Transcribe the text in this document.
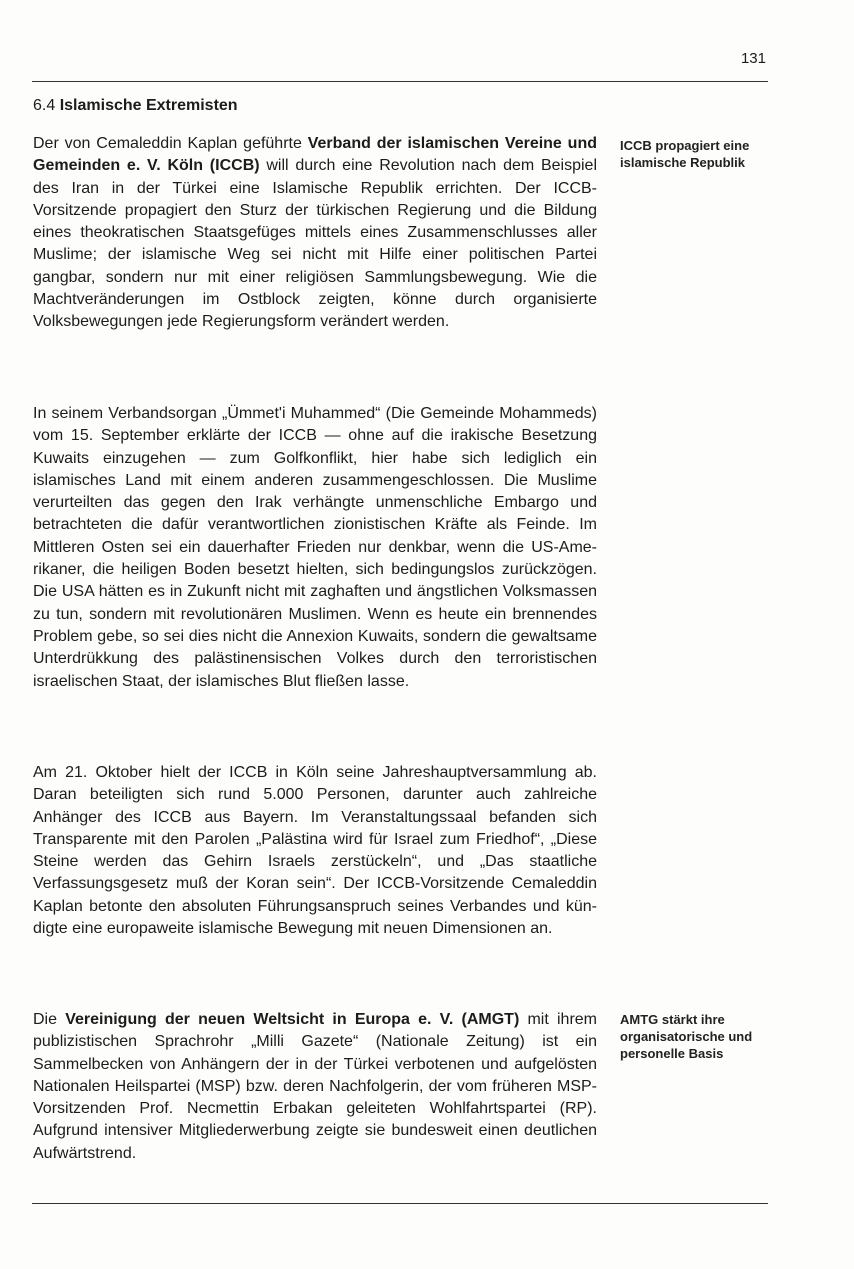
131
6.4 Islamische Extremisten

Der von Cemaleddin Kaplan geführte Verband der islamischen Vereine und Gemeinden e. V. Köln (ICCB) will durch eine Revolution nach dem Beispiel des Iran in der Türkei eine Islamische Republik errichten. Der ICCB-Vorsitzende propagiert den Sturz der türkischen Regierung und die Bildung eines theokratischen Staatsgefüges mittels eines Zusammenschlusses aller Muslime; der islamische Weg sei nicht mit Hilfe einer politischen Partei gangbar, sondern nur mit einer religiösen Sammlungsbewegung. Wie die Machtveränderungen im Ostblock zeigten, könne durch organisierte Volksbewegungen jede Regierungsform verändert werden.

In seinem Verbandsorgan „Ümmet'i Muhammed“ (Die Gemeinde Mohammeds) vom 15. September erklärte der ICCB — ohne auf die irakische Besetzung Kuwaits einzugehen — zum Golfkonflikt, hier habe sich lediglich ein islamisches Land mit einem anderen zusammengeschlossen. Die Muslime verurteilten das gegen den Irak verhängte unmenschliche Embargo und betrachteten die dafür verantwortlichen zionistischen Kräfte als Feinde. Im Mittleren Osten sei ein dauerhafter Frieden nur denkbar, wenn die US-Amerikaner, die heiligen Boden besetzt hielten, sich bedingungslos zurückzögen. Die USA hätten es in Zukunft nicht mit zaghaften und ängstlichen Volksmassen zu tun, sondern mit revolutionären Muslimen. Wenn es heute ein brennendes Problem gebe, so sei dies nicht die Annexion Kuwaits, sondern die gewaltsame Unterdrükkung des palästinensischen Volkes durch den terroristischen israelischen Staat, der islamisches Blut fließen lasse.

Am 21. Oktober hielt der ICCB in Köln seine Jahreshauptversammlung ab. Daran beteiligten sich rund 5.000 Personen, darunter auch zahlreiche Anhänger des ICCB aus Bayern. Im Veranstaltungssaal befanden sich Transparente mit den Parolen „Palästina wird für Israel zum Friedhof“, „Diese Steine werden das Gehirn Israels zerstückeln“, und „Das staatliche Verfassungsgesetz muß der Koran sein“. Der ICCB-Vorsitzende Cemaleddin Kaplan betonte den absoluten Führungsanspruch seines Verbandes und kündigte eine europaweite islamische Bewegung mit neuen Dimensionen an.

Die Vereinigung der neuen Weltsicht in Europa e. V. (AMGT) mit ihrem publizistischen Sprachrohr „Milli Gazete“ (Nationale Zeitung) ist ein Sammelbecken von Anhängern der in der Türkei verbotenen und aufgelösten Nationalen Heilspartei (MSP) bzw. deren Nachfolgerin, der vom früheren MSP-Vorsitzenden Prof. Necmettin Erbakan geleiteten Wohlfahrtspartei (RP). Aufgrund intensiver Mitgliederwerbung zeigte sie bundesweit einen deutlichen Aufwärtstrend.

ICCB propagiert eine islamische Republik

AMTG stärkt ihre organisatorische und personelle Basis
